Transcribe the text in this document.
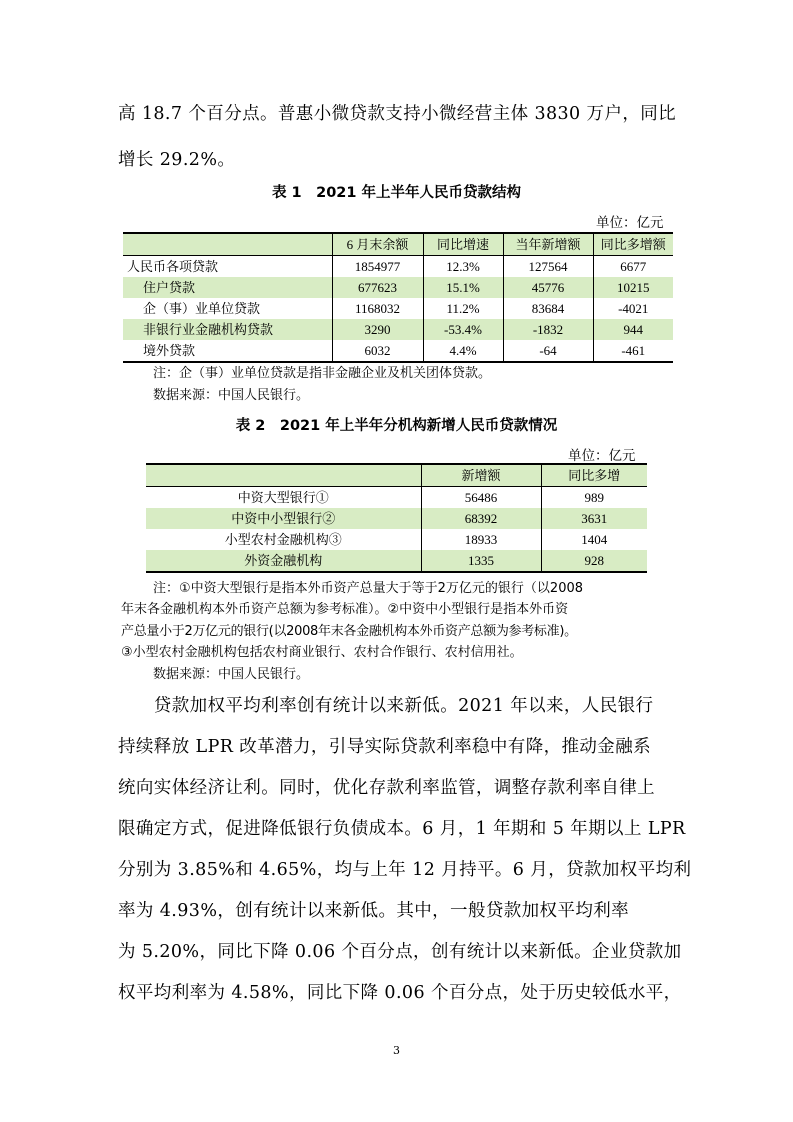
高 18.7 个百分点。普惠小微贷款支持小微经营主体 3830 万户，同比
增长 29.2%。
表 1　2021 年上半年人民币贷款结构
单位：亿元
	6 月末余额	同比增速	当年新增额	同比多增额
人民币各项贷款	1854977	12.3%	127564	6677
住户贷款	677623	15.1%	45776	10215
企（事）业单位贷款	1168032	11.2%	83684	-4021
非银行业金融机构贷款	3290	-53.4%	-1832	944
境外贷款	6032	4.4%	-64	-461
注：企（事）业单位贷款是指非金融企业及机关团体贷款。
数据来源：中国人民银行。
表 2　2021 年上半年分机构新增人民币贷款情况
单位：亿元
	新增额	同比多增
中资大型银行①	56486	989
中资中小型银行②	68392	3631
小型农村金融机构③	18933	1404
外资金融机构	1335	928
注：①中资大型银行是指本外币资产总量大于等于2万亿元的银行（以2008
年末各金融机构本外币资产总额为参考标准）。②中资中小型银行是指本外币资
产总量小于2万亿元的银行(以2008年末各金融机构本外币资产总额为参考标准)。
③小型农村金融机构包括农村商业银行、农村合作银行、农村信用社。
数据来源：中国人民银行。
　　贷款加权平均利率创有统计以来新低。2021 年以来，人民银行
持续释放 LPR 改革潜力，引导实际贷款利率稳中有降，推动金融系
统向实体经济让利。同时，优化存款利率监管，调整存款利率自律上
限确定方式，促进降低银行负债成本。6 月，1 年期和 5 年期以上 LPR
分别为 3.85%和 4.65%，均与上年 12 月持平。6 月，贷款加权平均利
率为 4.93%，创有统计以来新低。其中，一般贷款加权平均利率
为 5.20%，同比下降 0.06 个百分点，创有统计以来新低。企业贷款加
权平均利率为 4.58%，同比下降 0.06 个百分点，处于历史较低水平，
3
